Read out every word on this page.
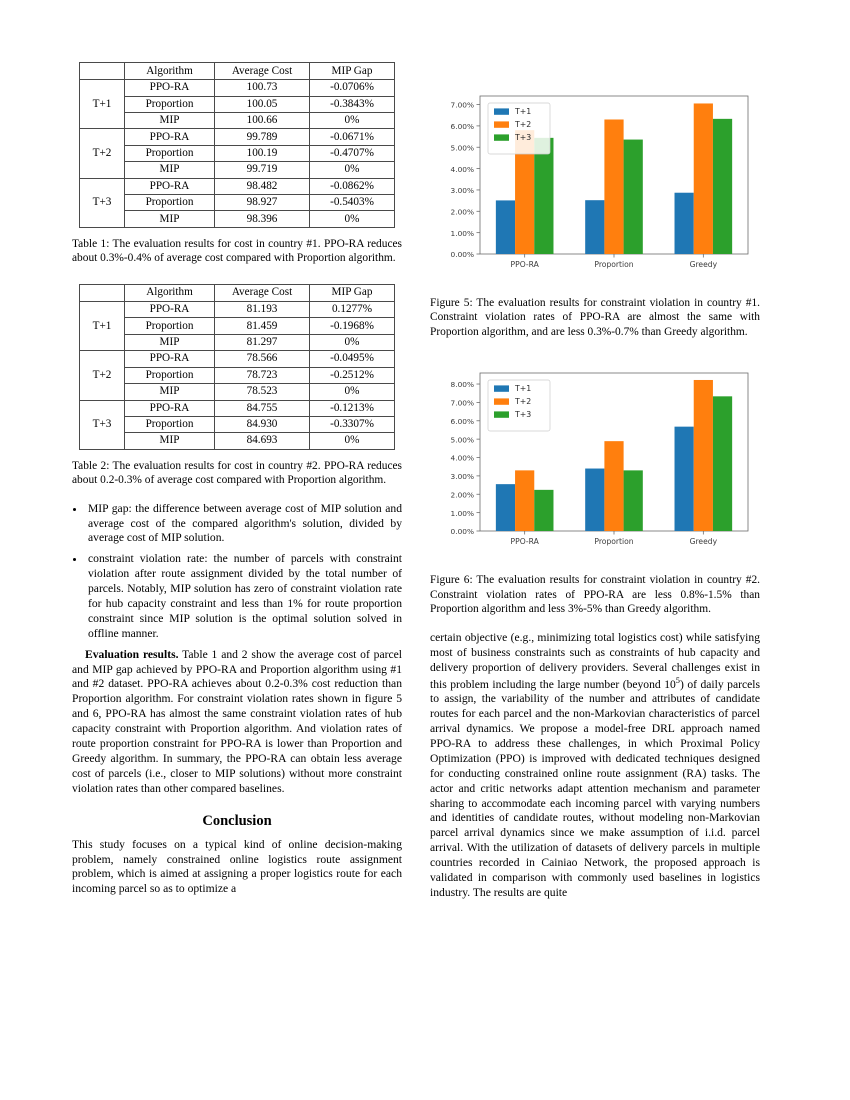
	Algorithm	Average Cost	MIP Gap
T+1	PPO-RA	100.73	-0.0706%
	Proportion	100.05	-0.3843%
	MIP	100.66	0%
T+2	PPO-RA	99.789	-0.0671%
	Proportion	100.19	-0.4707%
	MIP	99.719	0%
T+3	PPO-RA	98.482	-0.0862%
	Proportion	98.927	-0.5403%
	MIP	98.396	0%

Table 1: The evaluation results for cost in country #1. PPO-RA reduces about 0.3%-0.4% of average cost compared with Proportion algorithm.

	Algorithm	Average Cost	MIP Gap
T+1	PPO-RA	81.193	0.1277%
	Proportion	81.459	-0.1968%
	MIP	81.297	0%
T+2	PPO-RA	78.566	-0.0495%
	Proportion	78.723	-0.2512%
	MIP	78.523	0%
T+3	PPO-RA	84.755	-0.1213%
	Proportion	84.930	-0.3307%
	MIP	84.693	0%

Table 2: The evaluation results for cost in country #2. PPO-RA reduces about 0.2-0.3% of average cost compared with Proportion algorithm.

• MIP gap: the difference between average cost of MIP solution and average cost of the compared algorithm's solution, divided by average cost of MIP solution.
• constraint violation rate: the number of parcels with constraint violation after route assignment divided by the total number of parcels. Notably, MIP solution has zero of constraint violation rate for hub capacity constraint and less than 1% for route proportion constraint since MIP solution is the optimal solution solved in offline manner.

Evaluation results. Table 1 and 2 show the average cost of parcel and MIP gap achieved by PPO-RA and Proportion algorithm using #1 and #2 dataset. PPO-RA achieves about 0.2-0.3% cost reduction than Proportion algorithm. For constraint violation rates shown in figure 5 and 6, PPO-RA has almost the same constraint violation rates of hub capacity constraint with Proportion algorithm. And violation rates of route proportion constraint for PPO-RA is lower than Proportion and Greedy algorithm. In summary, the PPO-RA can obtain less average cost of parcels (i.e., closer to MIP solutions) without more constraint violation rates than other compared baselines.

Conclusion

This study focuses on a typical kind of online decision-making problem, namely constrained online logistics route assignment problem, which is aimed at assigning a proper logistics route for each incoming parcel so as to optimize a

0.00%
1.00%
2.00%
3.00%
4.00%
5.00%
6.00%
7.00%
PPO-RA	Proportion	Greedy
T+1
T+2
T+3

Figure 5: The evaluation results for constraint violation in country #1. Constraint violation rates of PPO-RA are almost the same with Proportion algorithm, and are less 0.3%-0.7% than Greedy algorithm.

0.00%
1.00%
2.00%
3.00%
4.00%
5.00%
6.00%
7.00%
8.00%
PPO-RA	Proportion	Greedy
T+1
T+2
T+3

Figure 6: The evaluation results for constraint violation in country #2. Constraint violation rates of PPO-RA are less 0.8%-1.5% than Proportion algorithm and less 3%-5% than Greedy algorithm.

certain objective (e.g., minimizing total logistics cost) while satisfying most of business constraints such as constraints of hub capacity and delivery proportion of delivery providers. Several challenges exist in this problem including the large number (beyond $10^5$) of daily parcels to assign, the variability of the number and attributes of candidate routes for each parcel and the non-Markovian characteristics of parcel arrival dynamics. We propose a model-free DRL approach named PPO-RA to address these challenges, in which Proximal Policy Optimization (PPO) is improved with dedicated techniques designed for conducting constrained online route assignment (RA) tasks. The actor and critic networks adapt attention mechanism and parameter sharing to accommodate each incoming parcel with varying numbers and identities of candidate routes, without modeling non-Markovian parcel arrival dynamics since we make assumption of i.i.d. parcel arrival. With the utilization of datasets of delivery parcels in multiple countries recorded in Cainiao Network, the proposed approach is validated in comparison with commonly used baselines in logistics industry. The results are quite
